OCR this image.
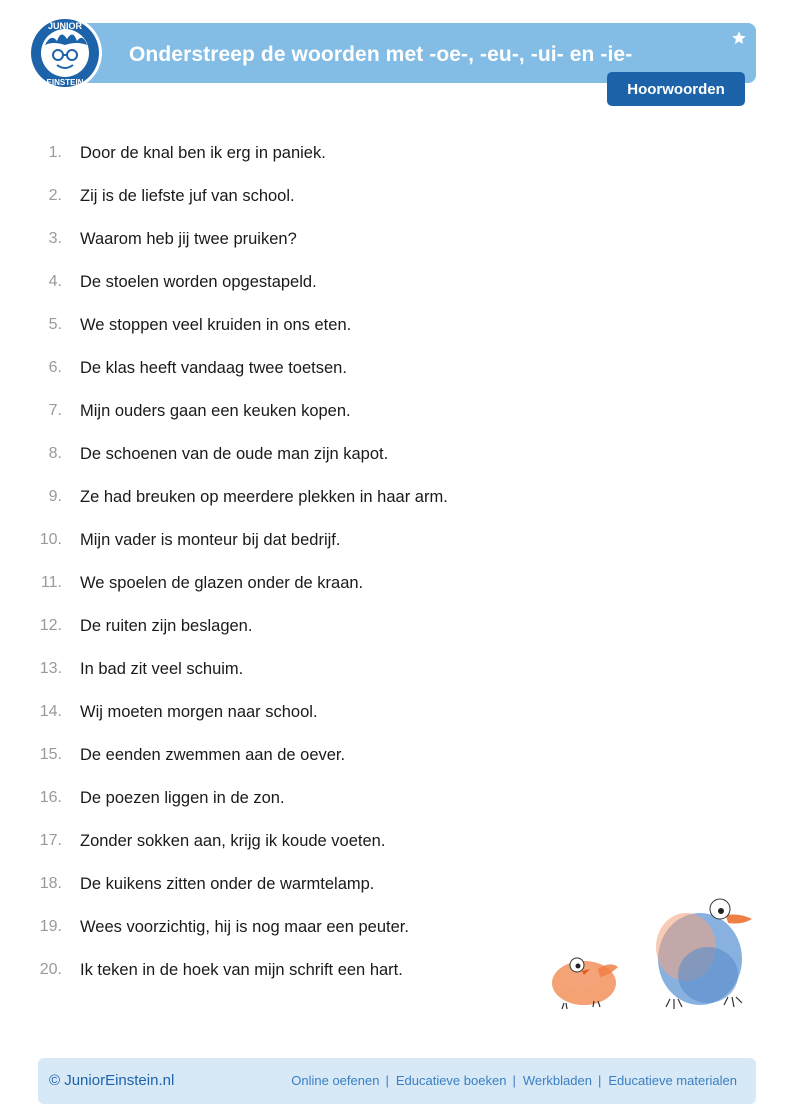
JUNIOR
EINSTEIN
Onderstreep de woorden met -oe-, -eu-, -ui- en -ie-
Hoorwoorden
1. Door de knal ben ik erg in paniek.
2. Zij is de liefste juf van school.
3. Waarom heb jij twee pruiken?
4. De stoelen worden opgestapeld.
5. We stoppen veel kruiden in ons eten.
6. De klas heeft vandaag twee toetsen.
7. Mijn ouders gaan een keuken kopen.
8. De schoenen van de oude man zijn kapot.
9. Ze had breuken op meerdere plekken in haar arm.
10. Mijn vader is monteur bij dat bedrijf.
11. We spoelen de glazen onder de kraan.
12. De ruiten zijn beslagen.
13. In bad zit veel schuim.
14. Wij moeten morgen naar school.
15. De eenden zwemmen aan de oever.
16. De poezen liggen in de zon.
17. Zonder sokken aan, krijg ik koude voeten.
18. De kuikens zitten onder de warmtelamp.
19. Wees voorzichtig, hij is nog maar een peuter.
20. Ik teken in de hoek van mijn schrift een hart.
© JuniorEinstein.nl	Online oefenen | Educatieve boeken | Werkbladen | Educatieve materialen
